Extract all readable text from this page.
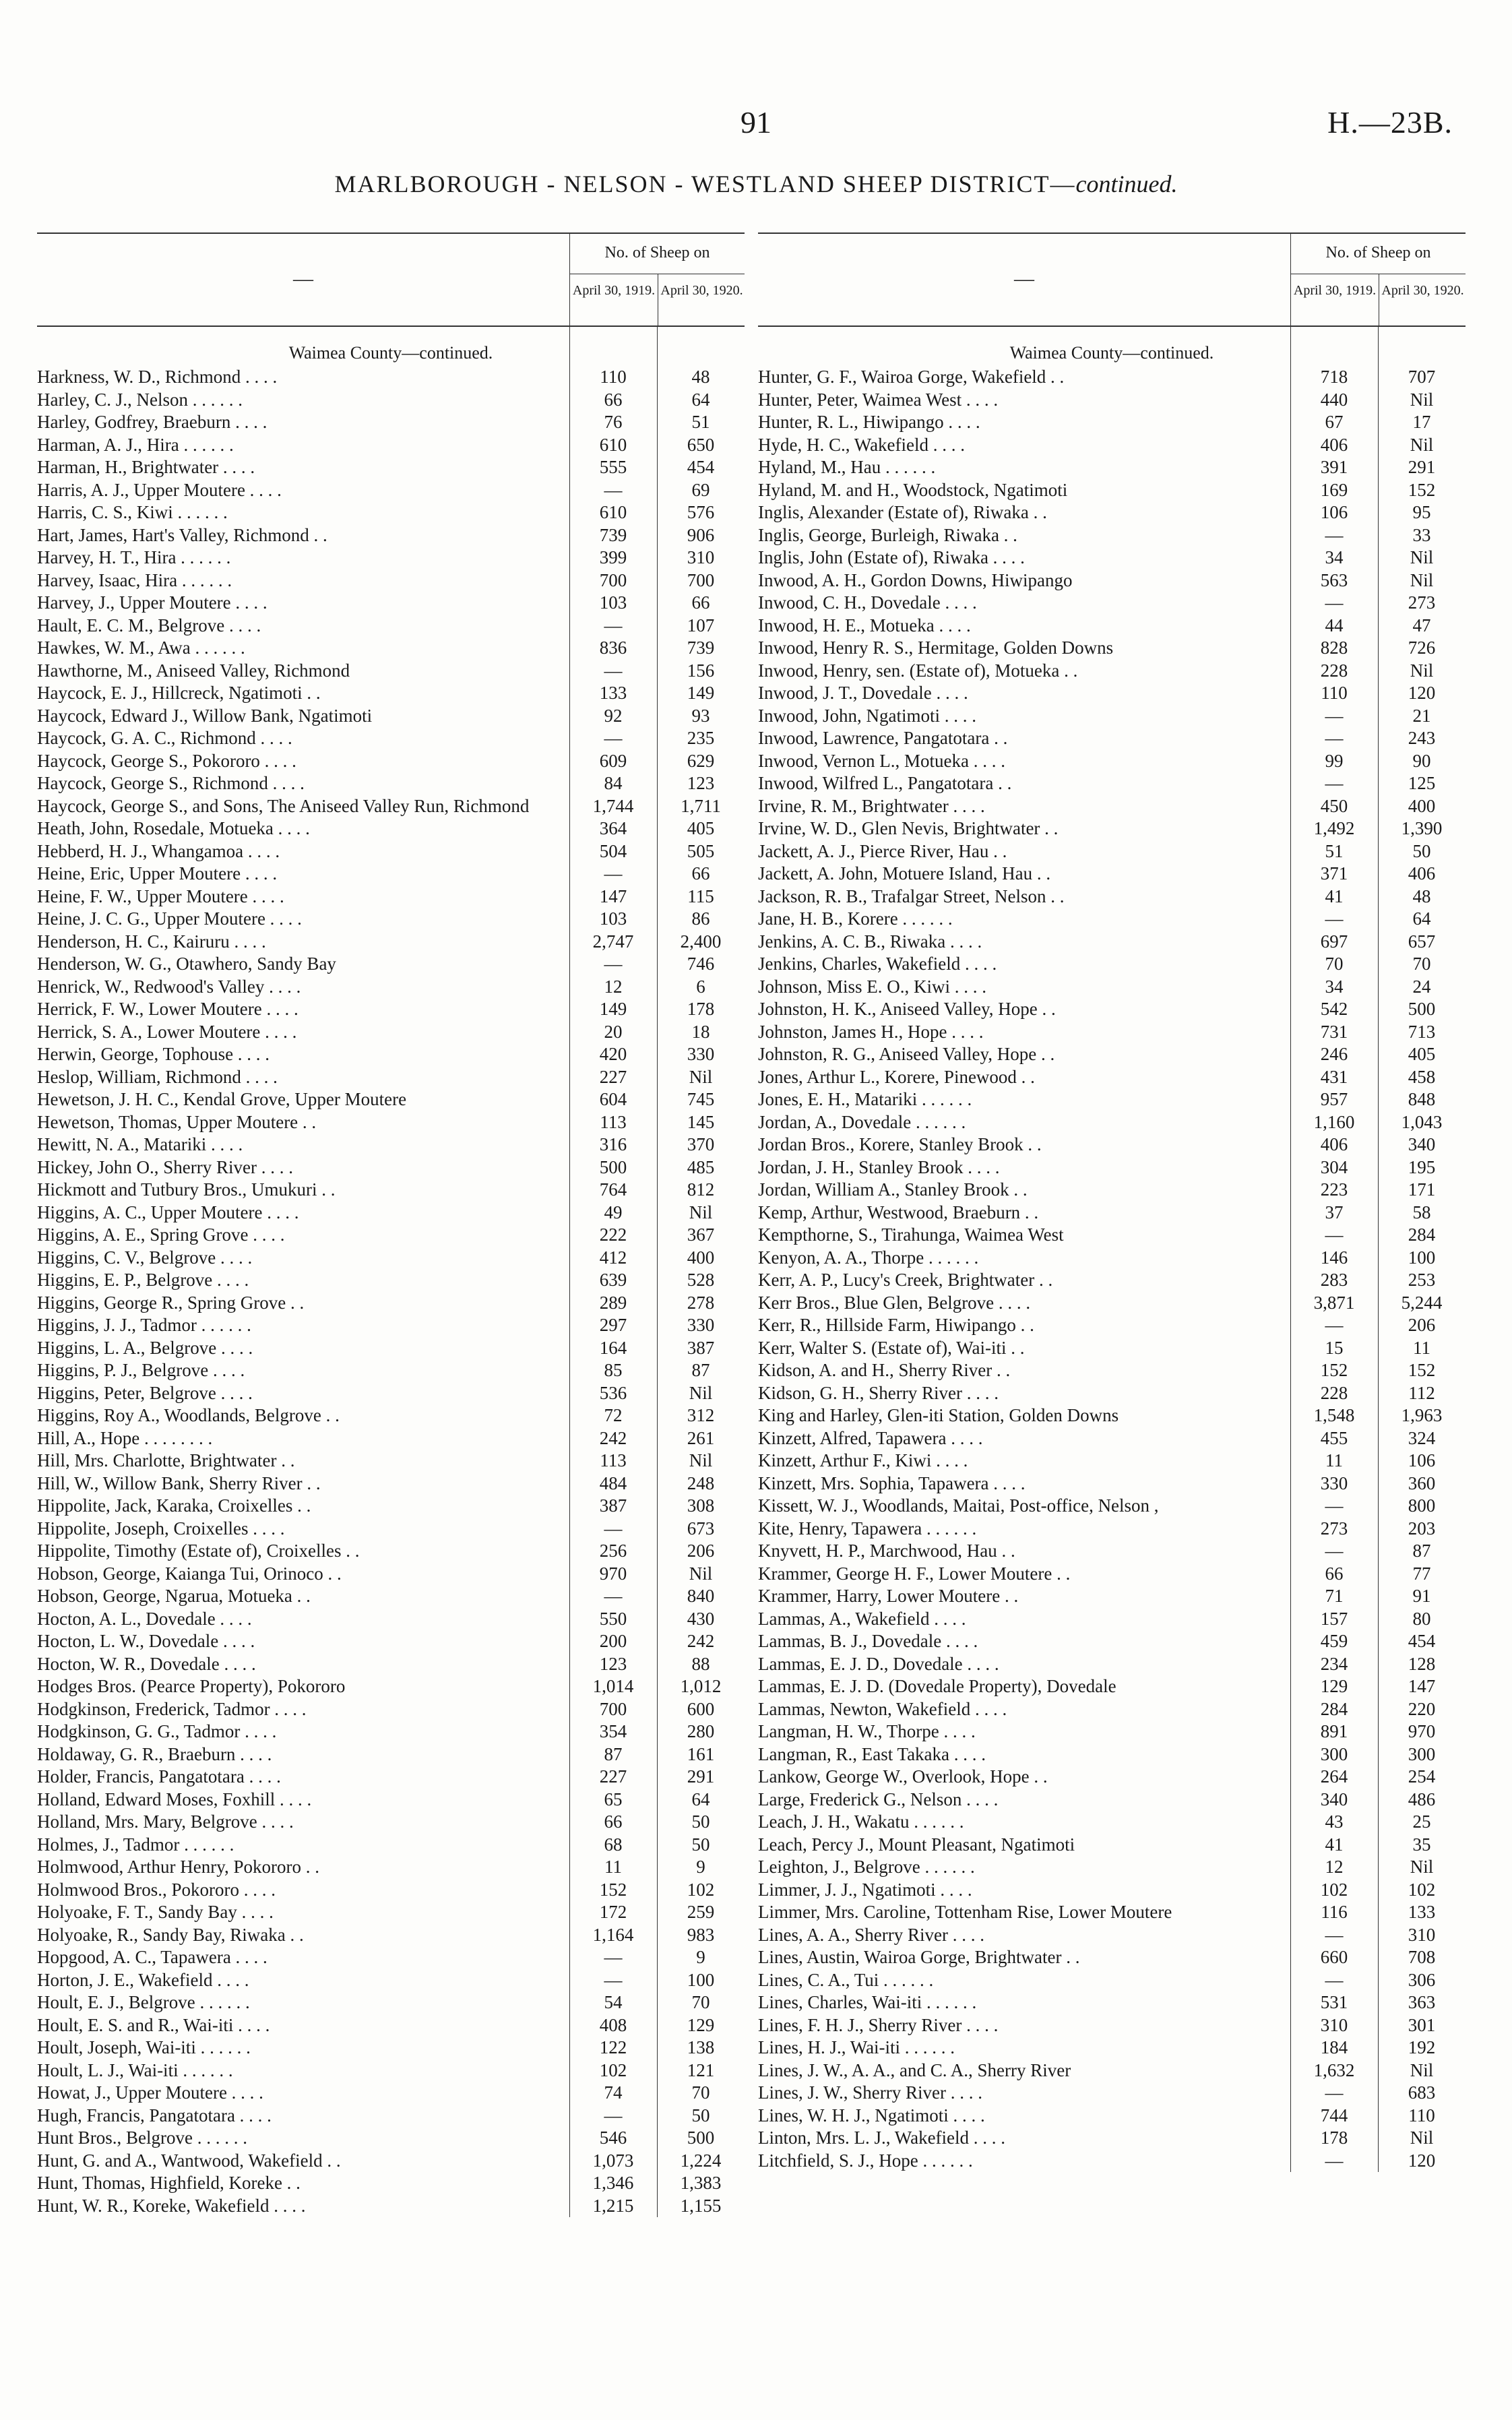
91	H.—23B.
MARLBOROUGH - NELSON - WESTLAND SHEEP DISTRICT—continued.
—
No. of Sheep on
April 30, 1919. April 30, 1920.
Waimea County—continued.
Harkness, W. D., Richmond . . . .	110	48
Harley, C. J., Nelson . . . . . .	66	64
Harley, Godfrey, Braeburn . . . .	76	51
Harman, A. J., Hira . . . . . .	610	650
Harman, H., Brightwater . . . .	555	454
Harris, A. J., Upper Moutere . . . .	—	69
Harris, C. S., Kiwi . . . . . .	610	576
Hart, James, Hart's Valley, Richmond . .	739	906
Harvey, H. T., Hira . . . . . .	399	310
Harvey, Isaac, Hira . . . . . .	700	700
Harvey, J., Upper Moutere . . . .	103	66
Hault, E. C. M., Belgrove . . . .	—	107
Hawkes, W. M., Awa . . . . . .	836	739
Hawthorne, M., Aniseed Valley, Richmond	—	156
Haycock, E. J., Hillcreck, Ngatimoti . .	133	149
Haycock, Edward J., Willow Bank, Ngatimoti	92	93
Haycock, G. A. C., Richmond . . . .	—	235
Haycock, George S., Pokororo . . . .	609	629
Haycock, George S., Richmond . . . .	84	123
Haycock, George S., and Sons, The Aniseed Valley Run, Richmond	1,744	1,711
Heath, John, Rosedale, Motueka . . . .	364	405
Hebberd, H. J., Whangamoa . . . .	504	505
Heine, Eric, Upper Moutere . . . .	—	66
Heine, F. W., Upper Moutere . . . .	147	115
Heine, J. C. G., Upper Moutere . . . .	103	86
Henderson, H. C., Kairuru . . . .	2,747	2,400
Henderson, W. G., Otawhero, Sandy Bay	—	746
Henrick, W., Redwood's Valley . . . .	12	6
Herrick, F. W., Lower Moutere . . . .	149	178
Herrick, S. A., Lower Moutere . . . .	20	18
Herwin, George, Tophouse . . . .	420	330
Heslop, William, Richmond . . . .	227	Nil
Hewetson, J. H. C., Kendal Grove, Upper Moutere	604	745
Hewetson, Thomas, Upper Moutere . .	113	145
Hewitt, N. A., Matariki . . . .	316	370
Hickey, John O., Sherry River . . . .	500	485
Hickmott and Tutbury Bros., Umukuri . .	764	812
Higgins, A. C., Upper Moutere . . . .	49	Nil
Higgins, A. E., Spring Grove . . . .	222	367
Higgins, C. V., Belgrove . . . .	412	400
Higgins, E. P., Belgrove . . . .	639	528
Higgins, George R., Spring Grove . .	289	278
Higgins, J. J., Tadmor . . . . . .	297	330
Higgins, L. A., Belgrove . . . .	164	387
Higgins, P. J., Belgrove . . . .	85	87
Higgins, Peter, Belgrove . . . .	536	Nil
Higgins, Roy A., Woodlands, Belgrove . .	72	312
Hill, A., Hope . . . . . . . .	242	261
Hill, Mrs. Charlotte, Brightwater . .	113	Nil
Hill, W., Willow Bank, Sherry River . .	484	248
Hippolite, Jack, Karaka, Croixelles . .	387	308
Hippolite, Joseph, Croixelles . . . .	—	673
Hippolite, Timothy (Estate of), Croixelles . .	256	206
Hobson, George, Kaianga Tui, Orinoco . .	970	Nil
Hobson, George, Ngarua, Motueka . .	—	840
Hocton, A. L., Dovedale . . . .	550	430
Hocton, L. W., Dovedale . . . .	200	242
Hocton, W. R., Dovedale . . . .	123	88
Hodges Bros. (Pearce Property), Pokororo	1,014	1,012
Hodgkinson, Frederick, Tadmor . . . .	700	600
Hodgkinson, G. G., Tadmor . . . .	354	280
Holdaway, G. R., Braeburn . . . .	87	161
Holder, Francis, Pangatotara . . . .	227	291
Holland, Edward Moses, Foxhill . . . .	65	64
Holland, Mrs. Mary, Belgrove . . . .	66	50
Holmes, J., Tadmor . . . . . .	68	50
Holmwood, Arthur Henry, Pokororo . .	11	9
Holmwood Bros., Pokororo . . . .	152	102
Holyoake, F. T., Sandy Bay . . . .	172	259
Holyoake, R., Sandy Bay, Riwaka . .	1,164	983
Hopgood, A. C., Tapawera . . . .	—	9
Horton, J. E., Wakefield . . . .	—	100
Hoult, E. J., Belgrove . . . . . .	54	70
Hoult, E. S. and R., Wai-iti . . . .	408	129
Hoult, Joseph, Wai-iti . . . . . .	122	138
Hoult, L. J., Wai-iti . . . . . .	102	121
Howat, J., Upper Moutere . . . .	74	70
Hugh, Francis, Pangatotara . . . .	—	50
Hunt Bros., Belgrove . . . . . .	546	500
Hunt, G. and A., Wantwood, Wakefield . .	1,073	1,224
Hunt, Thomas, Highfield, Koreke . .	1,346	1,383
Hunt, W. R., Koreke, Wakefield . . . .	1,215	1,155
—
No. of Sheep on
April 30, 1919. April 30, 1920.
Waimea County—continued.
Hunter, G. F., Wairoa Gorge, Wakefield . .	718	707
Hunter, Peter, Waimea West . . . .	440	Nil
Hunter, R. L., Hiwipango . . . .	67	17
Hyde, H. C., Wakefield . . . .	406	Nil
Hyland, M., Hau . . . . . .	391	291
Hyland, M. and H., Woodstock, Ngatimoti	169	152
Inglis, Alexander (Estate of), Riwaka . .	106	95
Inglis, George, Burleigh, Riwaka . .	—	33
Inglis, John (Estate of), Riwaka . . . .	34	Nil
Inwood, A. H., Gordon Downs, Hiwipango	563	Nil
Inwood, C. H., Dovedale . . . .	—	273
Inwood, H. E., Motueka . . . .	44	47
Inwood, Henry R. S., Hermitage, Golden Downs	828	726
Inwood, Henry, sen. (Estate of), Motueka . .	228	Nil
Inwood, J. T., Dovedale . . . .	110	120
Inwood, John, Ngatimoti . . . .	—	21
Inwood, Lawrence, Pangatotara . .	—	243
Inwood, Vernon L., Motueka . . . .	99	90
Inwood, Wilfred L., Pangatotara . .	—	125
Irvine, R. M., Brightwater . . . .	450	400
Irvine, W. D., Glen Nevis, Brightwater . .	1,492	1,390
Jackett, A. J., Pierce River, Hau . .	51	50
Jackett, A. John, Motuere Island, Hau . .	371	406
Jackson, R. B., Trafalgar Street, Nelson . .	41	48
Jane, H. B., Korere . . . . . .	—	64
Jenkins, A. C. B., Riwaka . . . .	697	657
Jenkins, Charles, Wakefield . . . .	70	70
Johnson, Miss E. O., Kiwi . . . .	34	24
Johnston, H. K., Aniseed Valley, Hope . .	542	500
Johnston, James H., Hope . . . .	731	713
Johnston, R. G., Aniseed Valley, Hope . .	246	405
Jones, Arthur L., Korere, Pinewood . .	431	458
Jones, E. H., Matariki . . . . . .	957	848
Jordan, A., Dovedale . . . . . .	1,160	1,043
Jordan Bros., Korere, Stanley Brook . .	406	340
Jordan, J. H., Stanley Brook . . . .	304	195
Jordan, William A., Stanley Brook . .	223	171
Kemp, Arthur, Westwood, Braeburn . .	37	58
Kempthorne, S., Tirahunga, Waimea West	—	284
Kenyon, A. A., Thorpe . . . . . .	146	100
Kerr, A. P., Lucy's Creek, Brightwater . .	283	253
Kerr Bros., Blue Glen, Belgrove . . . .	3,871	5,244
Kerr, R., Hillside Farm, Hiwipango . .	—	206
Kerr, Walter S. (Estate of), Wai-iti . .	15	11
Kidson, A. and H., Sherry River . .	152	152
Kidson, G. H., Sherry River . . . .	228	112
King and Harley, Glen-iti Station, Golden Downs	1,548	1,963
Kinzett, Alfred, Tapawera . . . .	455	324
Kinzett, Arthur F., Kiwi . . . .	11	106
Kinzett, Mrs. Sophia, Tapawera . . . .	330	360
Kissett, W. J., Woodlands, Maitai, Post-office, Nelson ,	—	800
Kite, Henry, Tapawera . . . . . .	273	203
Knyvett, H. P., Marchwood, Hau . .	—	87
Krammer, George H. F., Lower Moutere . .	66	77
Krammer, Harry, Lower Moutere . .	71	91
Lammas, A., Wakefield . . . .	157	80
Lammas, B. J., Dovedale . . . .	459	454
Lammas, E. J. D., Dovedale . . . .	234	128
Lammas, E. J. D. (Dovedale Property), Dovedale	129	147
Lammas, Newton, Wakefield . . . .	284	220
Langman, H. W., Thorpe . . . .	891	970
Langman, R., East Takaka . . . .	300	300
Lankow, George W., Overlook, Hope . .	264	254
Large, Frederick G., Nelson . . . .	340	486
Leach, J. H., Wakatu . . . . . .	43	25
Leach, Percy J., Mount Pleasant, Ngatimoti	41	35
Leighton, J., Belgrove . . . . . .	12	Nil
Limmer, J. J., Ngatimoti . . . .	102	102
Limmer, Mrs. Caroline, Tottenham Rise, Lower Moutere	116	133
Lines, A. A., Sherry River . . . .	—	310
Lines, Austin, Wairoa Gorge, Brightwater . .	660	708
Lines, C. A., Tui . . . . . .	—	306
Lines, Charles, Wai-iti . . . . . .	531	363
Lines, F. H. J., Sherry River . . . .	310	301
Lines, H. J., Wai-iti . . . . . .	184	192
Lines, J. W., A. A., and C. A., Sherry River	1,632	Nil
Lines, J. W., Sherry River . . . .	—	683
Lines, W. H. J., Ngatimoti . . . .	744	110
Linton, Mrs. L. J., Wakefield . . . .	178	Nil
Litchfield, S. J., Hope . . . . . .	—	120
